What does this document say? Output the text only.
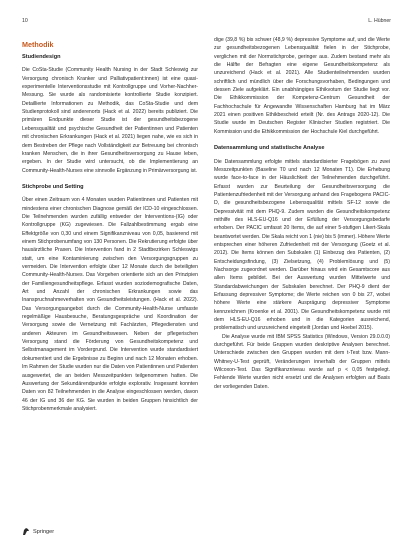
10	L. Hübner
Methodik
Studiendesign

Die CoSta-Studie (Community Health Nursing in der Stadt Schleswig zur Versorgung chronisch Kranker und Palliativpatient:innen) ist eine quasi-experimentelle Interventionsstudie mit Kontrollgruppe und Vorher-Nachher-Messung. Sie wurde als randomisierte kontrollierte Studie konzipiert. Detaillierte Informationen zu Methodik, das CoSta-Studie und dem Studienprotokoll sind anderenorts (Hack et al. 2022) bereits publiziert. Die primären Endpunkte dieser Studie ist der gesundheitsbezogene Lebensqualität und psychische Gesundheit der Patientinnen und Patienten mit chronischen Erkrankungen (Hack et al. 2021) liegen nahe, wie es sich in dem Bestreben der Pflege nach Vollständigkeit zur Betreuung bei chronisch kranken Menschen, die in ihrer Gesundheitsversorgung zu Hause leben, ergeben. In der Studie wird untersucht, ob die Implementierung an Community-Health-Nurses eine sinnvolle Ergänzung in Primärversorgung ist.

Stichprobe und Setting

Über einen Zeitraum von 4 Monaten wurden Patientinnen und Patienten mit mindestens einer chronischen Diagnose gemäß der ICD-10 eingeschlossen. Die Teilnehmenden wurden zufällig entweder der Interventions-(IG) oder Kontrollgruppe (KG) zugewiesen. Die Fallzahlbestimmung ergab eine Effektgröße von 0,30 und einem Signifikanzniveau von 0,05, basierend mit einem Stichprobenumfang von 130 Personen. Die Rekrutierung erfolgte über hausärztliche Praxen. Die Intervention fand in 2 Stadtbezirken Schleswigs statt, um eine Kontaminierung zwischen den Versorgungsgruppen zu vermeiden. Die Intervention erfolgte über 12 Monate durch die beteiligten Community-Health-Nurses. Das Vorgehen orientierte sich an den Prinzipien der Familiengesundheitspflege. Erfasst wurden soziodemografische Daten, Art und Anzahl der chronischen Erkrankungen sowie das Inanspruchnahmeverhalten von Gesundheitsleistungen. (Hack et al. 2022). Das Versorgungsangebot durch die Community-Health-Nurse umfasste regelmäßige Hausbesuche, Beratungsgespräche und Koordination der Versorgung sowie die Vernetzung mit Fachärzten, Pflegediensten und anderen Akteuren im Gesundheitswesen. Neben der pflegerischen Versorgung stand die Förderung von Gesundheitskompetenz und Selbstmanagement im Vordergrund. Die Intervention wurde standardisiert dokumentiert und die Ergebnisse zu Beginn und nach 12 Monaten erhoben. Im Rahmen der Studie wurden nur die Daten von Patientinnen und Patienten ausgewertet, die an beiden Messzeitpunkten teilgenommen hatten. Die Auswertung der Sekundärendpunkte erfolgte explorativ. Insgesamt konnten Daten von 82 Teilnehmenden in die Analyse eingeschlossen werden, davon 46 der IG und 36 der KG. Sie wurden in beiden Gruppen hinsichtlich der Stichprobenmerkmale analysiert.

dige (39,8 %) bis schwer (48,9 %) depressive Symptome auf, und die Werte zur gesundheitsbezogenen Lebensqualität fielen in der Stichprobe, verglichen mit der Normstichprobe, geringer aus. Zudem bestand mehr als die Hälfte der Befragten eine eigene Gesundheitskompetenz als unzureichend (Hack et al. 2021). Alle Studienteilnehmenden wurden schriftlich und mündlich über die Forschungsvorhaben, Bedingungen und dessen Ziele aufgeklärt. Ein unabhängiges Ethikvotum der Studie liegt vor. Die Ethikkommission der Kompetenz-Centrum Gesundheit der Fachhochschule für Angewandte Wissenschaften Hamburg hat im März 2021 einen positiven Ethikbescheid erteilt (Nr. des Antrags 2020-12). Die Studie wurde im Deutschen Register Klinischer Studien registriert. Die Kommission und die Ethikkommission der Hochschule Kiel durchgeführt.

Datensammlung und statistische Analyse

Die Datensammlung erfolgte mittels standardisierter Fragebögen zu zwei Messzeitpunkten (Baseline T0 und nach 12 Monaten T1). Die Erhebung wurde face-to-face in der Häuslichkeit der Teilnehmenden durchgeführt. Erfasst wurden zur Beurteilung der Gesundheitsversorgung die Patientenzufriedenheit mit der Versorgung anhand des Fragebogens PACIC-D, die gesundheitsbezogene Lebensqualität mittels SF-12 sowie die Depressivität mit dem PHQ-9. Zudem wurden die Gesundheitskompetenz mithilfe des HLS-EU-Q16 und der Erfüllung der Versorgungsbedarfe erhoben. Der PACIC umfasst 20 Items, die auf einer 5-stufigen Likert-Skala beantwortet werden. Die Skala reicht von 1 (nie) bis 5 (immer). Höhere Werte entsprechen einer höheren Zufriedenheit mit der Versorgung (Goetz et al. 2012). Die Items können den Subskalen (1) Einbezug des Patienten, (2) Entscheidungsfindung, (3) Zielsetzung, (4) Problemlösung und (5) Nachsorge zugeordnet werden. Darüber hinaus wird ein Gesamtscore aus allen Items gebildet. Bei der Auswertung wurden Mittelwerte und Standardabweichungen der Subskalen berechnet. Der PHQ-9 dient der Erfassung depressiver Symptome; die Werte reichen von 0 bis 27, wobei höhere Werte eine stärkere Ausprägung depressiver Symptome kennzeichnen (Kroenke et al. 2001). Die Gesundheitskompetenz wurde mit dem HLS-EU-Q16 erhoben und in die Kategorien ausreichend, problematisch und unzureichend eingeteilt (Jordan und Hoebel 2015).

Die Analyse wurde mit IBM SPSS Statistics (Windows, Version 29.0.0.0) durchgeführt. Für beide Gruppen wurden deskriptive Analysen berechnet. Unterschiede zwischen den Gruppen wurden mit dem t-Test bzw. Mann-Whitney-U-Test geprüft, Veränderungen innerhalb der Gruppen mittels Wilcoxon-Test. Das Signifikanzniveau wurde auf p < 0,05 festgelegt. Fehlende Werte wurden nicht ersetzt und die Analysen erfolgten auf Basis der vorliegenden Daten.

Springer
